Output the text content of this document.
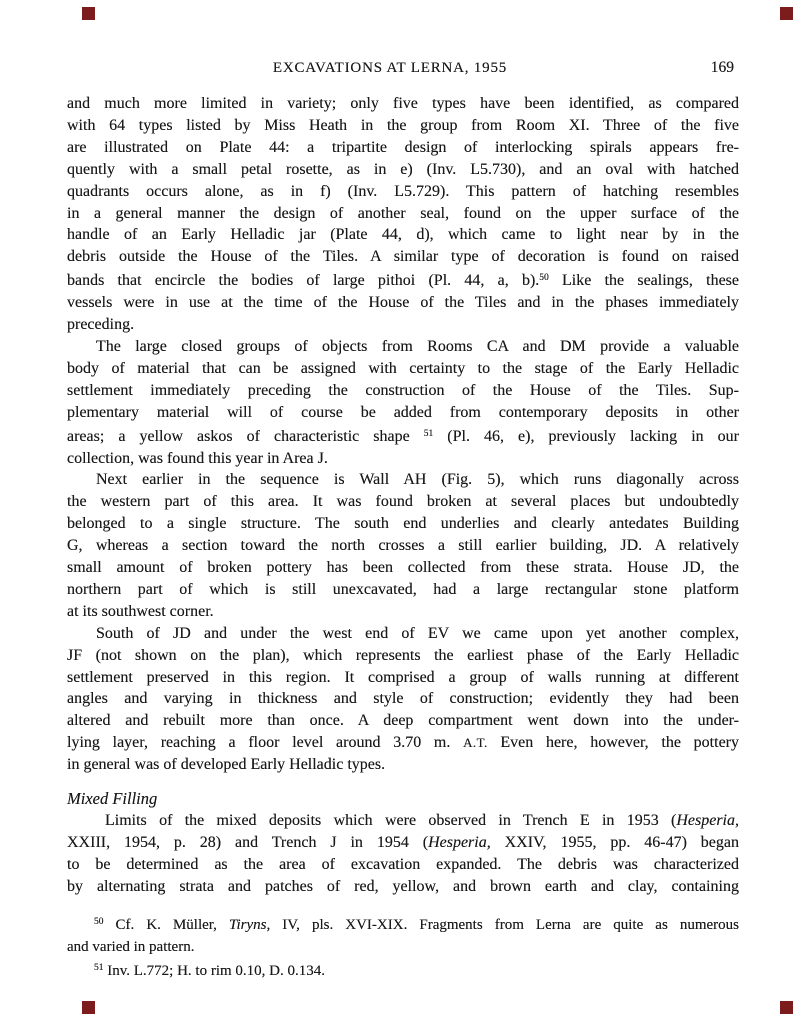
EXCAVATIONS AT LERNA, 1955	169
and much more limited in variety; only five types have been identified, as compared
with 64 types listed by Miss Heath in the group from Room XI. Three of the five
are illustrated on Plate 44: a tripartite design of interlocking spirals appears fre-
quently with a small petal rosette, as in e) (Inv. L5.730), and an oval with hatched
quadrants occurs alone, as in f) (Inv. L5.729). This pattern of hatching resembles
in a general manner the design of another seal, found on the upper surface of the
handle of an Early Helladic jar (Plate 44, d), which came to light near by in the
debris outside the House of the Tiles. A similar type of decoration is found on raised
bands that encircle the bodies of large pithoi (Pl. 44, a, b).$^{50}$ Like the sealings, these
vessels were in use at the time of the House of the Tiles and in the phases immediately
preceding.
The large closed groups of objects from Rooms CA and DM provide a valuable
body of material that can be assigned with certainty to the stage of the Early Helladic
settlement immediately preceding the construction of the House of the Tiles. Sup-
plementary material will of course be added from contemporary deposits in other
areas; a yellow askos of characteristic shape $^{51}$ (Pl. 46, e), previously lacking in our
collection, was found this year in Area J.
Next earlier in the sequence is Wall AH (Fig. 5), which runs diagonally across
the western part of this area. It was found broken at several places but undoubtedly
belonged to a single structure. The south end underlies and clearly antedates Building
G, whereas a section toward the north crosses a still earlier building, JD. A relatively
small amount of broken pottery has been collected from these strata. House JD, the
northern part of which is still unexcavated, had a large rectangular stone platform
at its southwest corner.
South of JD and under the west end of EV we came upon yet another complex,
JF (not shown on the plan), which represents the earliest phase of the Early Helladic
settlement preserved in this region. It comprised a group of walls running at different
angles and varying in thickness and style of construction; evidently they had been
altered and rebuilt more than once. A deep compartment went down into the under-
lying layer, reaching a floor level around 3.70 m. A.T. Even here, however, the pottery
in general was of developed Early Helladic types.
Mixed Filling
Limits of the mixed deposits which were observed in Trench E in 1953 (Hesperia,
XXIII, 1954, p. 28) and Trench J in 1954 (Hesperia, XXIV, 1955, pp. 46-47) began
to be determined as the area of excavation expanded. The debris was characterized
by alternating strata and patches of red, yellow, and brown earth and clay, containing
$^{50}$ Cf. K. Müller, Tiryns, IV, pls. XVI-XIX. Fragments from Lerna are quite as numerous
and varied in pattern.
$^{51}$ Inv. L.772; H. to rim 0.10, D. 0.134.
